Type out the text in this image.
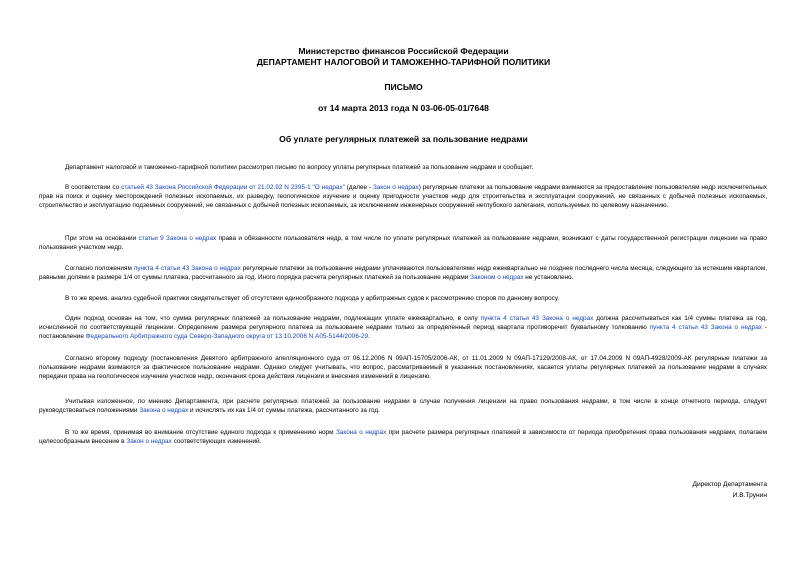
Министерство финансов Российской Федерации
ДЕПАРТАМЕНТ НАЛОГОВОЙ И ТАМОЖЕННО-ТАРИФНОЙ ПОЛИТИКИ
ПИСЬМО
от 14 марта 2013 года N 03-06-05-01/7648
Об уплате регулярных платежей за пользование недрами
Департамент налоговой и таможенно-тарифной политики рассмотрел письмо по вопросу уплаты регулярных платежей за пользование недрами и сообщает.
В соответствии со статьей 43 Закона Российской Федерации от 21.02.92 N 2395-1 "О недрах" (далее - Закон о недрах) регулярные платежи за пользование недрами взимаются за предоставление пользователям недр исключительных прав на поиск и оценку месторождений полезных ископаемых, их разведку, геологическое изучение и оценку пригодности участков недр для строительства и эксплуатации сооружений, не связанных с добычей полезных ископаемых, строительство и эксплуатацию подземных сооружений, не связанных с добычей полезных ископаемых, за исключением инженерных сооружений неглубокого залегания, используемых по целевому назначению.
При этом на основании статьи 9 Закона о недрах права и обязанности пользователя недр, в том числе по уплате регулярных платежей за пользование недрами, возникают с даты государственной регистрации лицензии на право пользования участком недр.
Согласно положениям пункта 4 статьи 43 Закона о недрах регулярные платежи за пользование недрами уплачиваются пользователями недр ежеквартально не позднее последнего числа месяца, следующего за истекшим кварталом, равными долями в размере 1/4 от суммы платежа, рассчитанного за год. Иного порядка расчета регулярных платежей за пользование недрами Законом о недрах не установлено.
В то же время, анализ судебной практики свидетельствует об отсутствии единообразного подхода у арбитражных судов к рассмотрению споров по данному вопросу.
Один подход основан на том, что сумма регулярных платежей за пользование недрами, подлежащих уплате ежеквартально, в силу пункта 4 статьи 43 Закона о недрах должна рассчитываться как 1/4 суммы платежа за год, исчисленной по соответствующей лицензии. Определение размера регулярного платежа за пользование недрами только за определенный период квартала противоречит буквальному толкованию пункта 4 статьи 43 Закона о недрах - постановление Федерального Арбитражного суда Северо-Западного округа от 13.10.2006 N А05-5144/2006-29.
Согласно второму подходу (постановления Девятого арбитражного апелляционного суда от 06.12.2006 N 09АП-15705/2006-АК, от 11.01.2009 N 09АП-17129/2008-АК, от 17.04.2009 N 09АП-4928/2009-АК регулярные платежи за пользование недрами взимаются за фактическое пользование недрами. Однако следует учитывать, что вопрос, рассматриваемый в указанных постановлениях, касается уплаты регулярных платежей за пользование недрами в случаях передачи права на геологическое изучение участков недр, окончания срока действия лицензии и внесения изменений в лицензию.
Учитывая изложенное, по мнению Департамента, при расчете регулярных платежей за пользование недрами в случае получения лицензии на право пользования недрами, в том числе в конце отчетного периода, следует руководствоваться положениями Закона о недрах и исчислять их как 1/4 от суммы платежа, рассчитанного за год.
В то же время, принимая во внимание отсутствие единого подхода к применению норм Закона о недрах при расчете размера регулярных платежей в зависимости от периода приобретения права пользования недрами, полагаем целесообразным внесение в Закон о недрах соответствующих изменений.
Директор Департамента
И.В.Трунин
